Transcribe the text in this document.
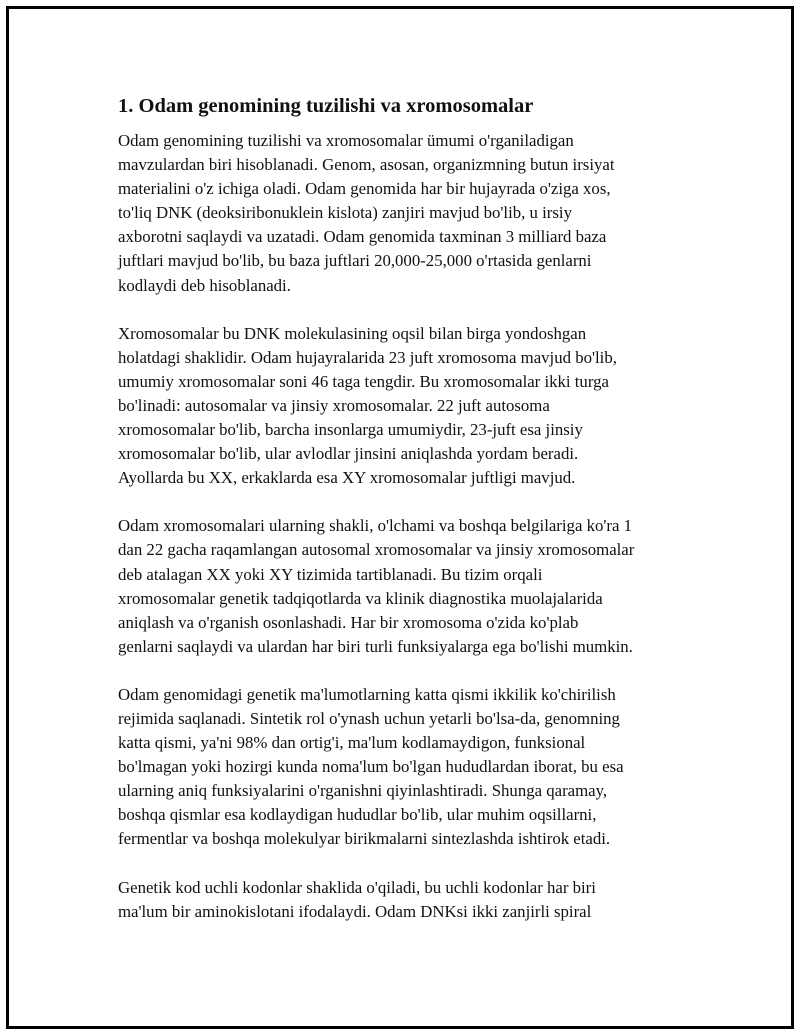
1. Odam genomining tuzilishi va xromosomalar

Odam genomining tuzilishi va xromosomalar ümumi o'rganiladigan
mavzulardan biri hisoblanadi. Genom, asosan, organizmning butun irsiyat
materialini o'z ichiga oladi. Odam genomida har bir hujayrada o'ziga xos,
to'liq DNK (deoksiribonuklein kislota) zanjiri mavjud bo'lib, u irsiy
axborotni saqlaydi va uzatadi. Odam genomida taxminan 3 milliard baza
juftlari mavjud bo'lib, bu baza juftlari 20,000-25,000 o'rtasida genlarni
kodlaydi deb hisoblanadi.

Xromosomalar bu DNK molekulasining oqsil bilan birga yondoshgan
holatdagi shaklidir. Odam hujayralarida 23 juft xromosoma mavjud bo'lib,
umumiy xromosomalar soni 46 taga tengdir. Bu xromosomalar ikki turga
bo'linadi: autosomalar va jinsiy xromosomalar. 22 juft autosoma
xromosomalar bo'lib, barcha insonlarga umumiydir, 23-juft esa jinsiy
xromosomalar bo'lib, ular avlodlar jinsini aniqlashda yordam beradi.
Ayollarda bu XX, erkaklarda esa XY xromosomalar juftligi mavjud.

Odam xromosomalari ularning shakli, o'lchami va boshqa belgilariga ko'ra 1
dan 22 gacha raqamlangan autosomal xromosomalar va jinsiy xromosomalar
deb atalagan XX yoki XY tizimida tartiblanadi. Bu tizim orqali
xromosomalar genetik tadqiqotlarda va klinik diagnostika muolajalarida
aniqlash va o'rganish osonlashadi. Har bir xromosoma o'zida ko'plab
genlarni saqlaydi va ulardan har biri turli funksiyalarga ega bo'lishi mumkin.

Odam genomidagi genetik ma'lumotlarning katta qismi ikkilik ko'chirilish
rejimida saqlanadi. Sintetik rol o'ynash uchun yetarli bo'lsa-da, genomning
katta qismi, ya'ni 98% dan ortig'i, ma'lum kodlamaydigon, funksional
bo'lmagan yoki hozirgi kunda noma'lum bo'lgan hududlardan iborat, bu esa
ularning aniq funksiyalarini o'rganishni qiyinlashtiradi. Shunga qaramay,
boshqa qismlar esa kodlaydigan hududlar bo'lib, ular muhim oqsillarni,
fermentlar va boshqa molekulyar birikmalarni sintezlashda ishtirok etadi.

Genetik kod uchli kodonlar shaklida o'qiladi, bu uchli kodonlar har biri
ma'lum bir aminokislotani ifodalaydi. Odam DNKsi ikki zanjirli spiral
